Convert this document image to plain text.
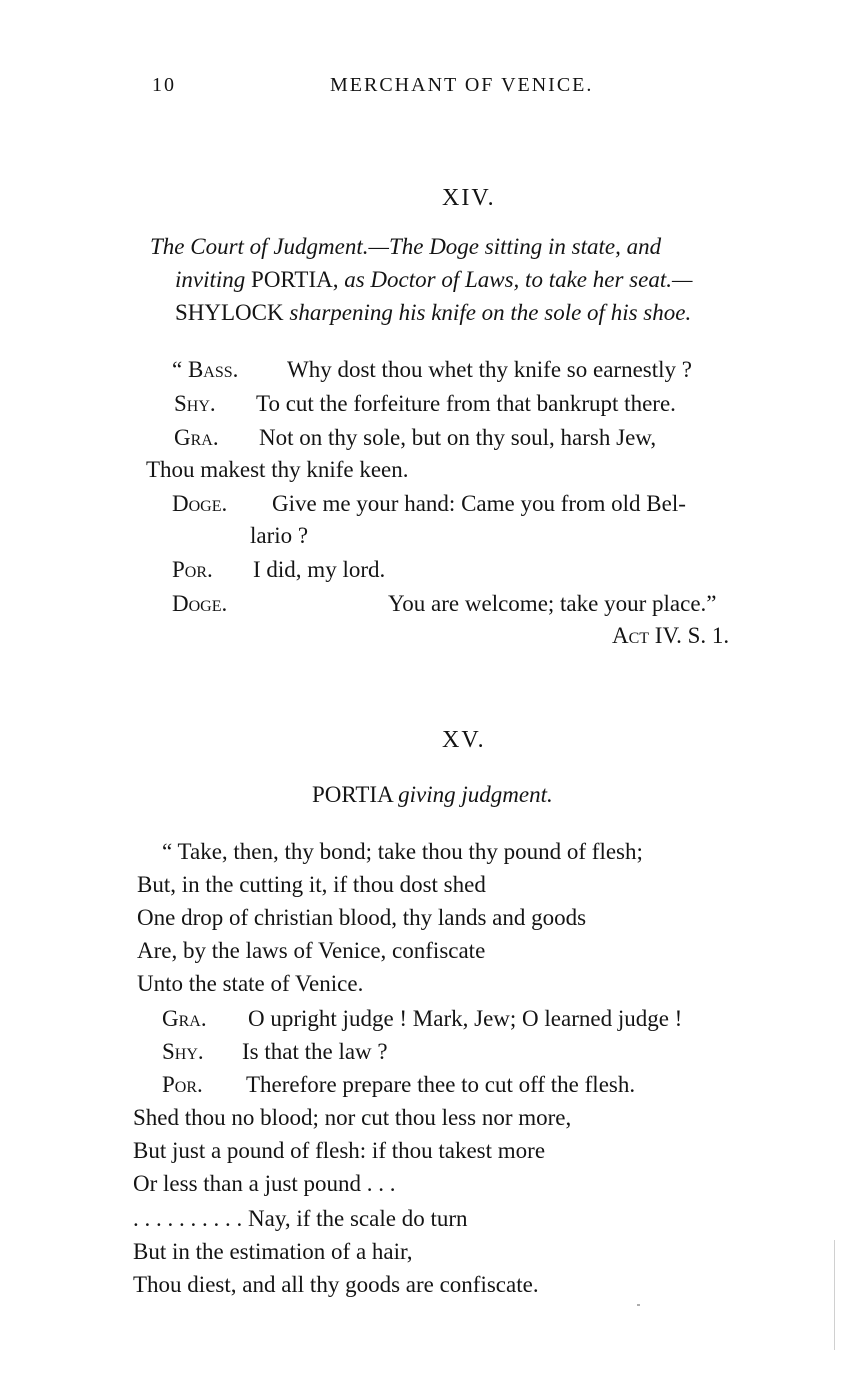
10	MERCHANT OF VENICE.
XIV.
The Court of Judgment.—The Doge sitting in state, and
inviting PORTIA, as Doctor of Laws, to take her seat.—
SHYLOCK sharpening his knife on the sole of his shoe.
“ Bass. Why dost thou whet thy knife so earnestly ?
Shy. To cut the forfeiture from that bankrupt there.
Gra. Not on thy sole, but on thy soul, harsh Jew,
Thou makest thy knife keen.
Doge. Give me your hand: Came you from old Bel-
lario ?
Por. I did, my lord.
Doge.	You are welcome; take your place.”
Act IV. S. 1.
XV.
PORTIA giving judgment.
“ Take, then, thy bond; take thou thy pound of flesh;
But, in the cutting it, if thou dost shed
One drop of christian blood, thy lands and goods
Are, by the laws of Venice, confiscate
Unto the state of Venice.
Gra. O upright judge ! Mark, Jew; O learned judge !
Shy. Is that the law ?
Por. Therefore prepare thee to cut off the flesh.
Shed thou no blood; nor cut thou less nor more,
But just a pound of flesh: if thou takest more
Or less than a just pound . . .
. . . . . . . . . . Nay, if the scale do turn
But in the estimation of a hair,
Thou diest, and all thy goods are confiscate.
